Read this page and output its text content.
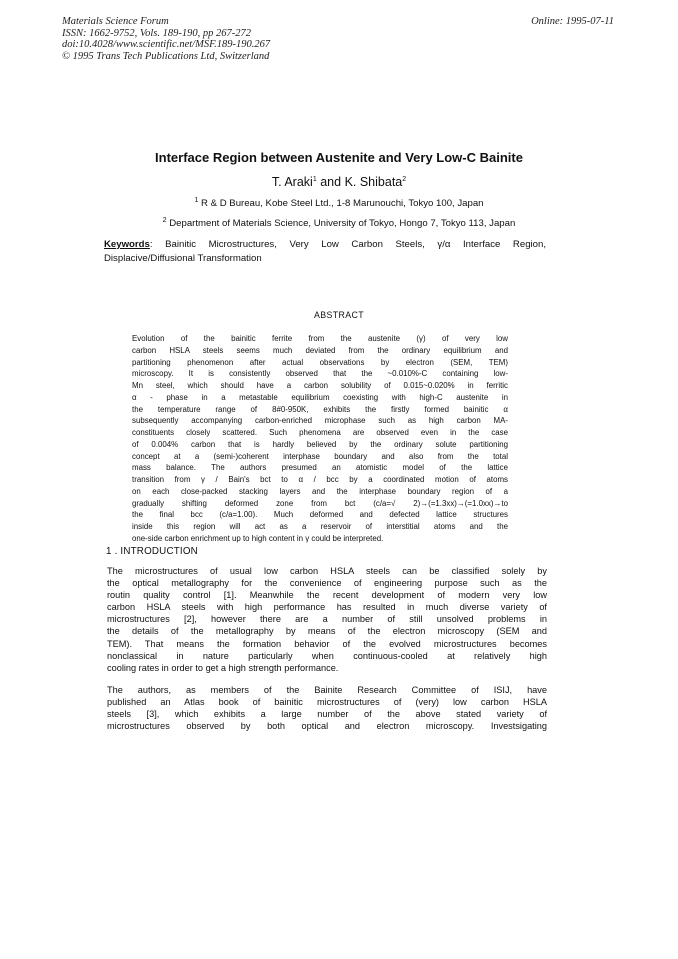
Materials Science Forum
ISSN: 1662-9752, Vols. 189-190, pp 267-272
doi:10.4028/www.scientific.net/MSF.189-190.267
© 1995 Trans Tech Publications Ltd, Switzerland
Online: 1995-07-11
Interface Region between Austenite and Very Low-C Bainite
T. Araki$^1$ and K. Shibata$^2$
$^1$ R & D Bureau, Kobe Steel Ltd., 1-8 Marunouchi, Tokyo 100, Japan
$^2$ Department of Materials Science, University of Tokyo, Hongo 7, Tokyo 113, Japan
Keywords: Bainitic Microstructures, Very Low Carbon Steels, γ/α Interface Region, Displacive/Diffusional Transformation
ABSTRACT
Evolution of the bainitic ferrite from the austenite (γ) of very low
carbon HSLA steels seems much deviated from the ordinary equilibrium and
partitioning phenomenon after actual observations by electron (SEM, TEM)
microscopy. It is consistently observed that the ~0.010%-C containing low-
Mn steel, which should have a carbon solubility of 0.015~0.020% in ferritic
α - phase in a metastable equilibrium coexisting with high-C austenite in
the temperature range of 8#0-950K, exhibits the firstly formed bainitic α
subsequently accompanying carbon-enriched microphase such as high carbon MA-
constituents closely scattered. Such phenomena are observed even in the case
of 0.004% carbon that is hardly believed by the ordinary solute partitioning
concept at a (semi-)coherent interphase boundary and also from the total
mass balance. The authors presumed an atomistic model of the lattice
transition from γ / Bain's bct to α / bcc by a coordinated motion of atoms
on each close-packed stacking layers and the interphase boundary region of a
gradually shifting deformed zone from bct (c/a=√ 2)→(=1.3xx)→(=1.0xx)→to
the final bcc (c/a=1.00). Much deformed and defected lattice structures
inside this region will act as a reservoir of interstitial atoms and the
one-side carbon enrichment up to high content in γ could be interpreted.
1 . INTRODUCTION
The microstructures of usual low carbon HSLA steels can be classified solely by
the optical metallography for the convenience of engineering purpose such as the
routin quality control [1]. Meanwhile the recent development of modern very low
carbon HSLA steels with high performance has resulted in much diverse variety of
microstructures [2], however there are a number of still unsolved problems in
the details of the metallography by means of the electron microscopy (SEM and
TEM). That means the formation behavior of the evolved microstructures becomes
nonclassical in nature particularly when continuous-cooled at relatively high
cooling rates in order to get a high strength performance.
The authors, as members of the Bainite Research Committee of ISIJ, have
published an Atlas book of bainitic microstructures of (very) low carbon HSLA
steels [3], which exhibits a large number of the above stated variety of
microstructures observed by both optical and electron microscopy. Investsigating
